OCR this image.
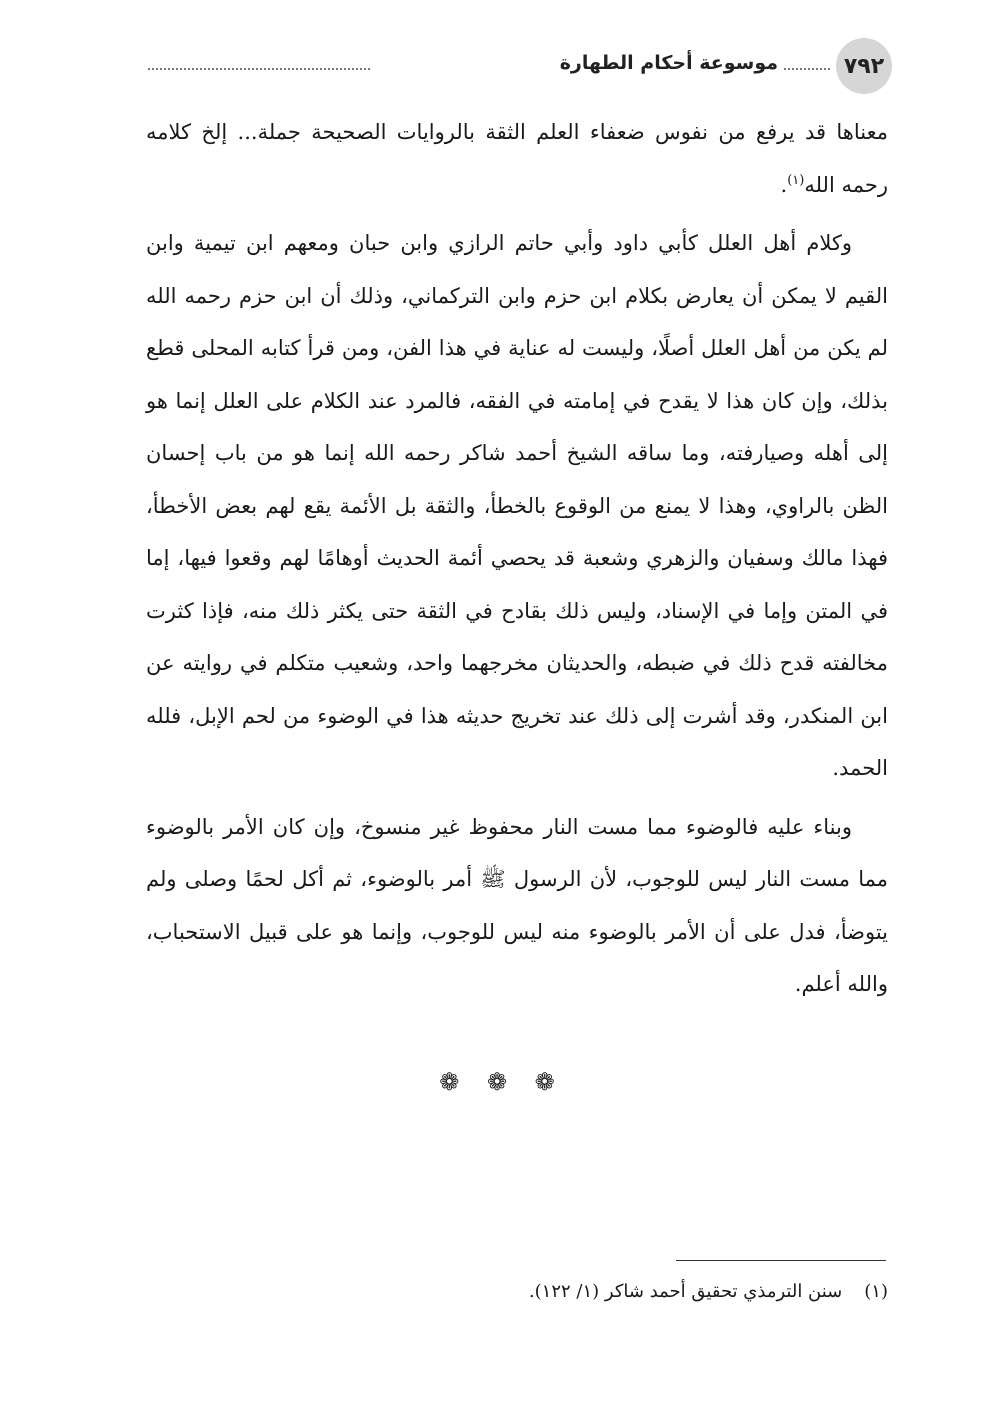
٧٩٢
موسوعة أحكام الطهارة

معناها قد يرفع من نفوس ضعفاء العلم الثقة بالروايات الصحيحة جملة... إلخ كلامه رحمه الله$^{(١)}$.

وكلام أهل العلل كأبي داود وأبي حاتم الرازي وابن حبان ومعهم ابن تيمية وابن القيم لا يمكن أن يعارض بكلام ابن حزم وابن التركماني، وذلك أن ابن حزم رحمه الله لم يكن من أهل العلل أصلًا، وليست له عناية في هذا الفن، ومن قرأ كتابه المحلى قطع بذلك، وإن كان هذا لا يقدح في إمامته في الفقه، فالمرد عند الكلام على العلل إنما هو إلى أهله وصيارفته، وما ساقه الشيخ أحمد شاكر رحمه الله إنما هو من باب إحسان الظن بالراوي، وهذا لا يمنع من الوقوع بالخطأ، والثقة بل الأئمة يقع لهم بعض الأخطأ، فهذا مالك وسفيان والزهري وشعبة قد يحصي أئمة الحديث أوهامًا لهم وقعوا فيها، إما في المتن وإما في الإسناد، وليس ذلك بقادح في الثقة حتى يكثر ذلك منه، فإذا كثرت مخالفته قدح ذلك في ضبطه، والحديثان مخرجهما واحد، وشعيب متكلم في روايته عن ابن المنكدر، وقد أشرت إلى ذلك عند تخريج حديثه هذا في الوضوء من لحم الإبل، فلله الحمد.

وبناء عليه فالوضوء مما مست النار محفوظ غير منسوخ، وإن كان الأمر بالوضوء مما مست النار ليس للوجوب، لأن الرسول ﷺ أمر بالوضوء، ثم أكل لحمًا وصلى ولم يتوضأ، فدل على أن الأمر بالوضوء منه ليس للوجوب، وإنما هو على قبيل الاستحباب، والله أعلم.

❁ ❁ ❁
(١)سنن الترمذي تحقيق أحمد شاكر (١/ ١٢٢).
